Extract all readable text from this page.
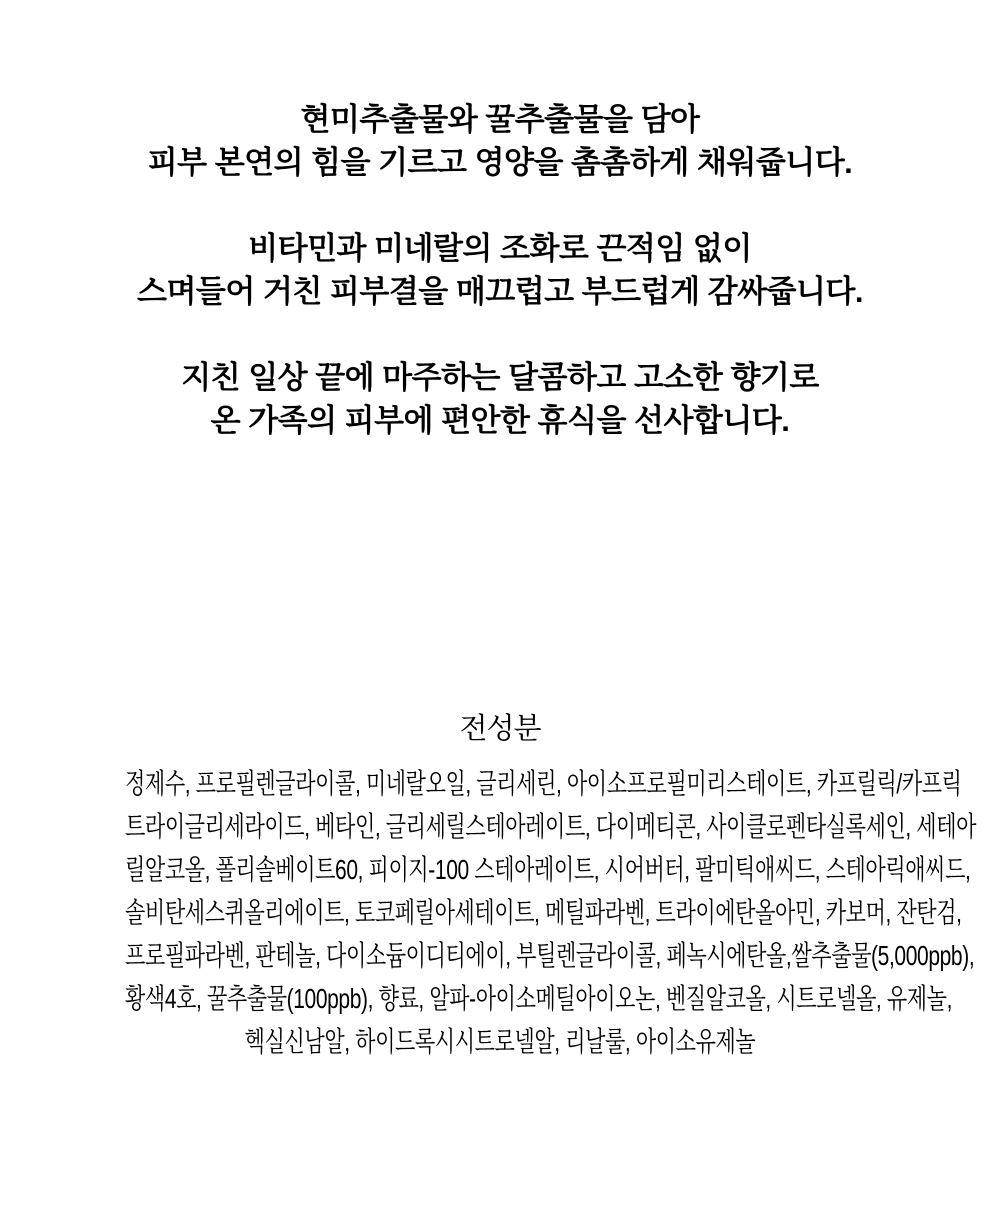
현미추출물와 꿀추출물을 담아
피부 본연의 힘을 기르고 영양을 촘촘하게 채워줍니다.
비타민과 미네랄의 조화로 끈적임 없이
스며들어 거친 피부결을 매끄럽고 부드럽게 감싸줍니다.
지친 일상 끝에 마주하는 달콤하고 고소한 향기로
온 가족의 피부에 편안한 휴식을 선사합니다.
전성분
정제수, 프로필렌글라이콜, 미네랄오일, 글리세린, 아이소프로필미리스테이트, 카프릴릭/카프릭
트라이글리세라이드, 베타인, 글리세릴스테아레이트, 다이메티콘, 사이클로펜타실록세인, 세테아
릴알코올, 폴리솔베이트60, 피이지-100 스테아레이트, 시어버터, 팔미틱애씨드, 스테아릭애씨드,
솔비탄세스퀴올리에이트, 토코페릴아세테이트, 메틸파라벤, 트라이에탄올아민, 카보머, 잔탄검,
프로필파라벤, 판테놀, 다이소듐이디티에이, 부틸렌글라이콜, 페녹시에탄올,쌀추출물(5,000ppb),
황색4호, 꿀추출물(100ppb), 향료, 알파-아이소메틸아이오논, 벤질알코올, 시트로넬올, 유제놀,
헥실신남알, 하이드록시시트로넬알, 리날룰, 아이소유제놀
